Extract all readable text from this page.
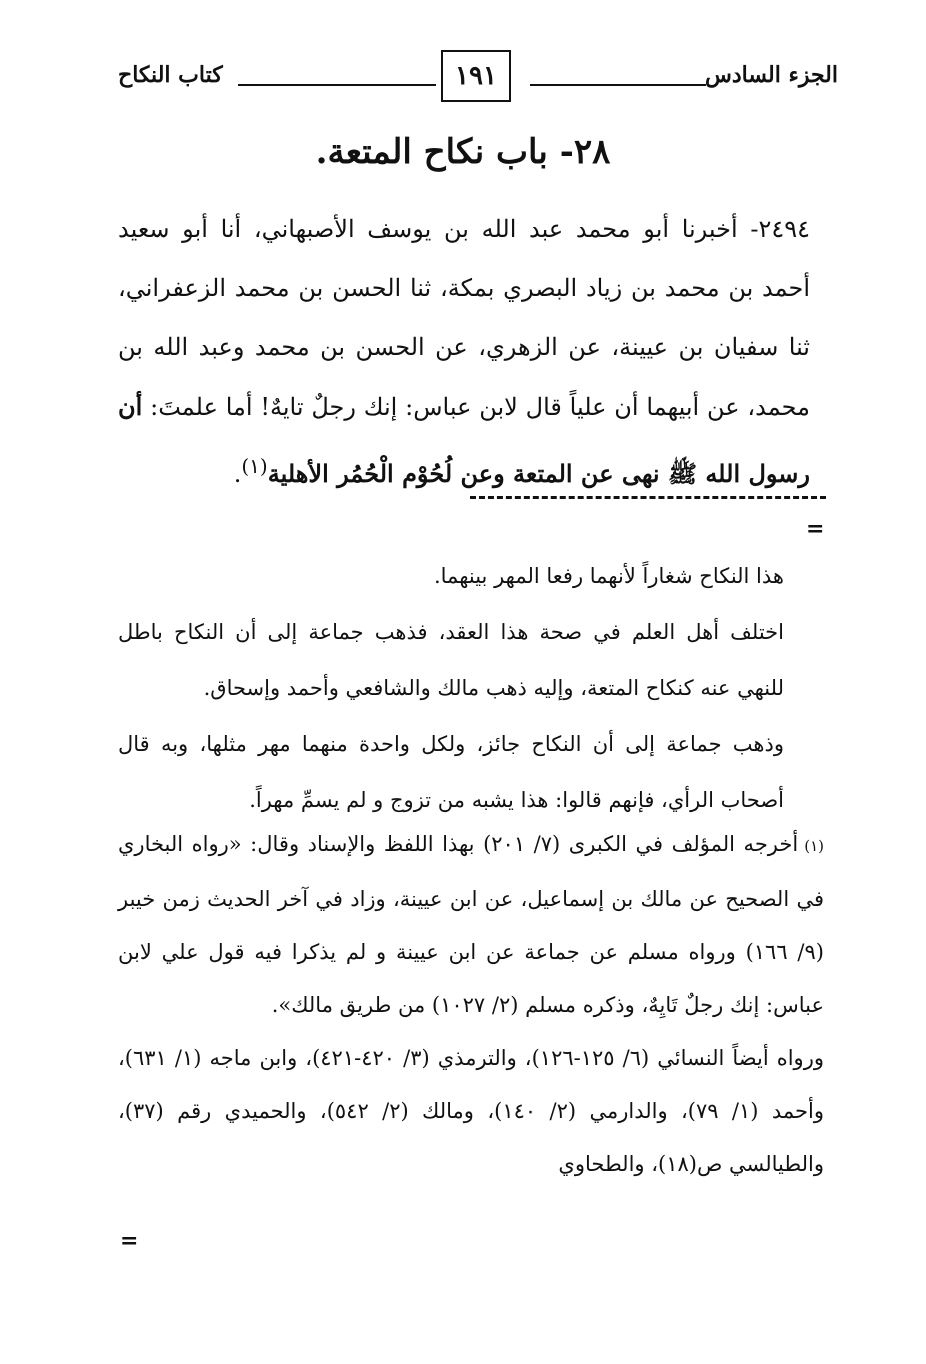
الجزء السادس
١٩١
كتاب النكاح
٢٨- باب نكاح المتعة.

٢٤٩٤- أخبرنا أبو محمد عبد الله بن يوسف الأصبهاني، أنا أبو سعيد أحمد بن محمد بن زياد البصري بمكة، ثنا الحسن بن محمد الزعفراني، ثنا سفيان بن عيينة، عن الزهري، عن الحسن بن محمد وعبد الله بن محمد، عن أبيهما أن علياً قال لابن عباس: إنك رجلٌ تايهٌ! أما علمتَ: أن رسول الله ﷺ نهى عن المتعة وعن لُحُوْم الْحُمُر الأهلية$^{(١)}$.

=

هذا النكاح شغاراً لأنهما رفعا المهر بينهما.

اختلف أهل العلم في صحة هذا العقد، فذهب جماعة إلى أن النكاح باطل للنهي عنه كنكاح المتعة، وإليه ذهب مالك والشافعي وأحمد وإسحاق.

وذهب جماعة إلى أن النكاح جائز، ولكل واحدة منهما مهر مثلها، وبه قال أصحاب الرأي، فإنهم قالوا: هذا يشبه من تزوج و لم يسمِّ مهراً.

(١)أخرجه المؤلف في الكبرى (٧/ ٢٠١) بهذا اللفظ والإسناد وقال: «رواه البخاري في الصحيح عن مالك بن إسماعيل، عن ابن عيينة، وزاد في آخر الحديث زمن خيبر (٩/ ١٦٦) ورواه مسلم عن جماعة عن ابن عيينة و لم يذكرا فيه قول علي لابن عباس: إنك رجلٌ تَايِهٌ، وذكره مسلم (٢/ ١٠٢٧) من طريق مالك».

ورواه أيضاً النسائي (٦/ ١٢٥-١٢٦)، والترمذي (٣/ ٤٢٠-٤٢١)، وابن ماجه (١/ ٦٣١)، وأحمد (١/ ٧٩)، والدارمي (٢/ ١٤٠)، ومالك (٢/ ٥٤٢)، والحميدي رقم (٣٧)، والطيالسي ص(١٨)، والطحاوي

=
